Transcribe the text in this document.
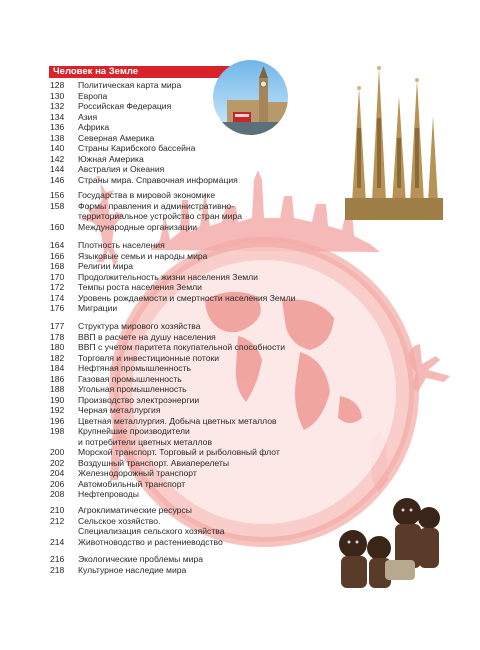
Человек на Земле
128	Политическая карта мира
130	Европа
132	Российская Федерация
134	Азия
136	Африка
138	Северная Америка
140	Страны Карибского бассейна
142	Южная Америка
144	Австралия и Океания
146	Страны мира. Справочная информация
156	Государства в мировой экономике
158	Формы правления и административно-
территориальное устройство стран мира
160	Международные организации
164	Плотность населения
166	Языковые семьи и народы мира
168	Религии мира
170	Продолжительность жизни населения Земли
172	Темпы роста населения Земли
174	Уровень рождаемости и смертности населения Земли
176	Миграции
177	Структура мирового хозяйства
178	ВВП в расчете на душу населения
180	ВВП с учетом паритета покупательной способности
182	Торговля и инвестиционные потоки
184	Нефтяная промышленность
186	Газовая промышленность
188	Угольная промышленность
190	Производство электроэнергии
192	Черная металлургия
196	Цветная металлургия. Добыча цветных металлов
198	Крупнейшие производители
и потребители цветных металлов
200	Морской транспорт. Торговый и рыболовный флот
202	Воздушный транспорт. Авиаперелеты
204	Железнодорожный транспорт
206	Автомобильный транспорт
208	Нефтепроводы
210	Агроклиматические ресурсы
212	Сельское хозяйство.
Специализация сельского хозяйства
214	Животноводство и растениеводство
216	Экологические проблемы мира
218	Культурное наследие мира
